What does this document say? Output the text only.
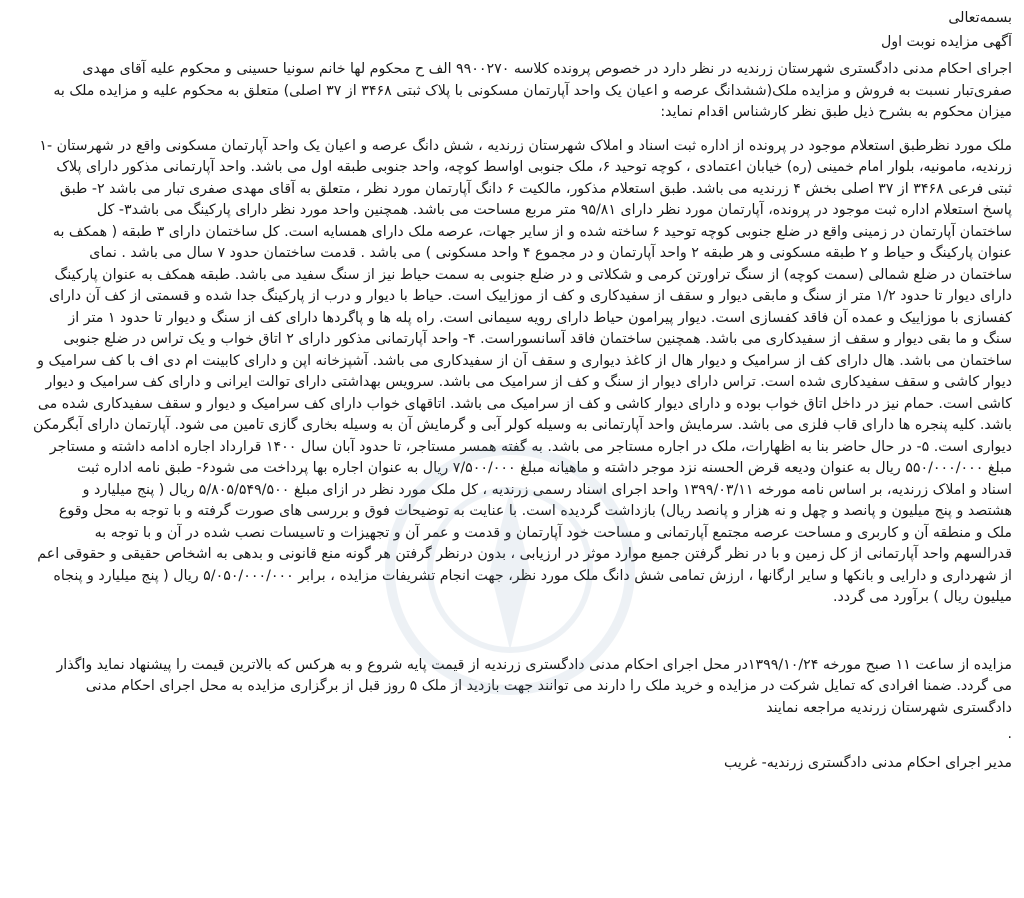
بسمه‌تعالی
آگهی مزایده نوبت اول
اجرای احکام مدنی دادگستری شهرستان زرندیه در نظر دارد در خصوص پرونده کلاسه ۹۹۰۰۲۷۰ الف ح محکوم لها خانم سونیا حسینی و محکوم علیه آقای مهدی
صفری‌تبار نسبت به فروش و مزایده ملک(ششدانگ عرصه و اعیان یک واحد آپارتمان مسکونی با پلاک ثبتی ۳۴۶۸ از ۳۷ اصلی) متعلق به محکوم علیه و مزایده ملک به
میزان محکوم به بشرح ذیل طبق نظر کارشناس اقدام نماید:
ملک مورد نظرطبق استعلام موجود در پرونده از اداره ثبت اسناد و املاک شهرستان زرندیه ، شش دانگ عرصه و اعیان یک واحد آپارتمان مسکونی واقع در شهرستان -۱
زرندیه، مامونیه، بلوار امام خمینی (ره) خیابان اعتمادی ، کوچه توحید ۶، ملک جنوبی اواسط کوچه، واحد جنوبی طبقه اول می باشد. واحد آپارتمانی مذکور دارای پلاک
ثبتی فرعی ۳۴۶۸ از ۳۷ اصلی بخش ۴ زرندیه می باشد. طبق استعلام مذکور، مالکیت ۶ دانگ آپارتمان مورد نظر ، متعلق به آقای مهدی صفری تبار می باشد ۲- طبق
پاسخ استعلام اداره ثبت موجود در پرونده، آپارتمان مورد نظر دارای ۹۵/۸۱ متر مربع مساحت می باشد. همچنین واحد مورد نظر دارای پارکینگ می باشد۳- کل
ساختمان آپارتمان در زمینی واقع در ضلع جنوبی کوچه توحید ۶ ساخته شده و از سایر جهات، عرصه ملک دارای همسایه است. کل ساختمان دارای ۳ طبقه ( همکف به
عنوان پارکینگ و حیاط و ۲ طبقه مسکونی و هر طبقه ۲ واحد آپارتمان و در مجموع ۴ واحد مسکونی ) می باشد . قدمت ساختمان حدود ۷ سال می باشد . نمای
ساختمان در ضلع شمالی (سمت کوچه) از سنگ تراورتن کرمی و شکلاتی و در ضلع جنوبی به سمت حیاط نیز از سنگ سفید می باشد. طبقه همکف به عنوان پارکینگ
دارای دیوار تا حدود ۱/۲ متر از سنگ و مابقی دیوار و سقف از سفیدکاری و کف از موزاییک است. حیاط با دیوار و درب از پارکینگ جدا شده و قسمتی از کف آن دارای
کفسازی با موزاییک و عمده آن فاقد کفسازی است. دیوار پیرامون حیاط دارای رویه سیمانی است. راه پله ها و پاگردها دارای کف از سنگ و دیوار تا حدود ۱ متر از
سنگ و ما بقی دیوار و سقف از سفیدکاری می باشد. همچنین ساختمان فاقد آسانسوراست. ۴- واحد آپارتمانی مذکور دارای ۲ اتاق خواب و یک تراس در ضلع جنوبی
ساختمان می باشد. هال دارای کف از سرامیک و دیوار هال از کاغذ دیواری و سقف آن از سفیدکاری می باشد. آشپزخانه اپن و دارای کابینت ام دی اف با کف سرامیک و
دیوار کاشی و سقف سفیدکاری شده است. تراس دارای دیوار از سنگ و کف از سرامیک می باشد. سرویس بهداشتی دارای توالت ایرانی و دارای کف سرامیک و دیوار
کاشی است. حمام نیز در داخل اتاق خواب بوده و دارای دیوار کاشی و کف از سرامیک می باشد. اتاقهای خواب دارای کف سرامیک و دیوار و سقف سفیدکاری شده می
باشد. کلیه پنجره ها دارای قاب فلزی می باشد. سرمایش واحد آپارتمانی به وسیله کولر آبی و گرمایش آن به وسیله بخاری گازی تامین می شود. آپارتمان دارای آبگرمکن
دیواری است. ۵- در حال حاضر بنا به اظهارات، ملک در اجاره مستاجر می باشد. به گفته همسر مستاجر، تا حدود آبان سال ۱۴۰۰ قرارداد اجاره ادامه داشته و مستاجر
مبلغ ۵۵۰/۰۰۰/۰۰۰ ریال به عنوان ودیعه قرض الحسنه نزد موجر داشته و ماهیانه مبلغ ۷/۵۰۰/۰۰۰ ریال به عنوان اجاره بها پرداخت می شود۶- طبق نامه اداره ثبت
اسناد و املاک زرندیه، بر اساس نامه مورخه ۱۳۹۹/۰۳/۱۱ واحد اجرای اسناد رسمی زرندیه ، کل ملک مورد نظر در ازای مبلغ ۵/۸۰۵/۵۴۹/۵۰۰ ریال ( پنج میلیارد و
هشتصد و پنج میلیون و پانصد و چهل و نه هزار و پانصد ریال) بازداشت گردیده است. با عنایت به توضیحات فوق و بررسی های صورت گرفته و با توجه به محل وقوع
ملک و منطقه آن و کاربری و مساحت عرصه مجتمع آپارتمانی و مساحت خود آپارتمان و قدمت و عمر آن و تجهیزات و تاسیسات نصب شده در آن و با توجه به
قدرالسهم واحد آپارتمانی از کل زمین و با در نظر گرفتن جمیع موارد موثر در ارزیابی ، بدون درنظر گرفتن هر گونه منع قانونی و بدهی به اشخاص حقیقی و حقوقی اعم
از شهرداری و دارایی و بانکها و سایر ارگانها ، ارزش تمامی شش دانگ ملک مورد نظر، جهت انجام تشریفات مزایده ، برابر ۵/۰۵۰/۰۰۰/۰۰۰ ریال ( پنج میلیارد و پنجاه
میلیون ریال ) برآورد می گردد.
مزایده از ساعت ۱۱ صبح مورخه ۱۳۹۹/۱۰/۲۴در محل اجرای احکام مدنی دادگستری زرندیه از قیمت پایه شروع و به هرکس که بالاترین قیمت را پیشنهاد نماید واگذار
می گردد. ضمنا افرادی که تمایل شرکت در مزایده و خرید ملک را دارند می توانند جهت بازدید از ملک ۵ روز قبل از برگزاری مزایده به محل اجرای احکام مدنی
دادگستری شهرستان زرندیه مراجعه نمایند
.
مدیر اجرای احکام مدنی دادگستری زرندیه- غریب
